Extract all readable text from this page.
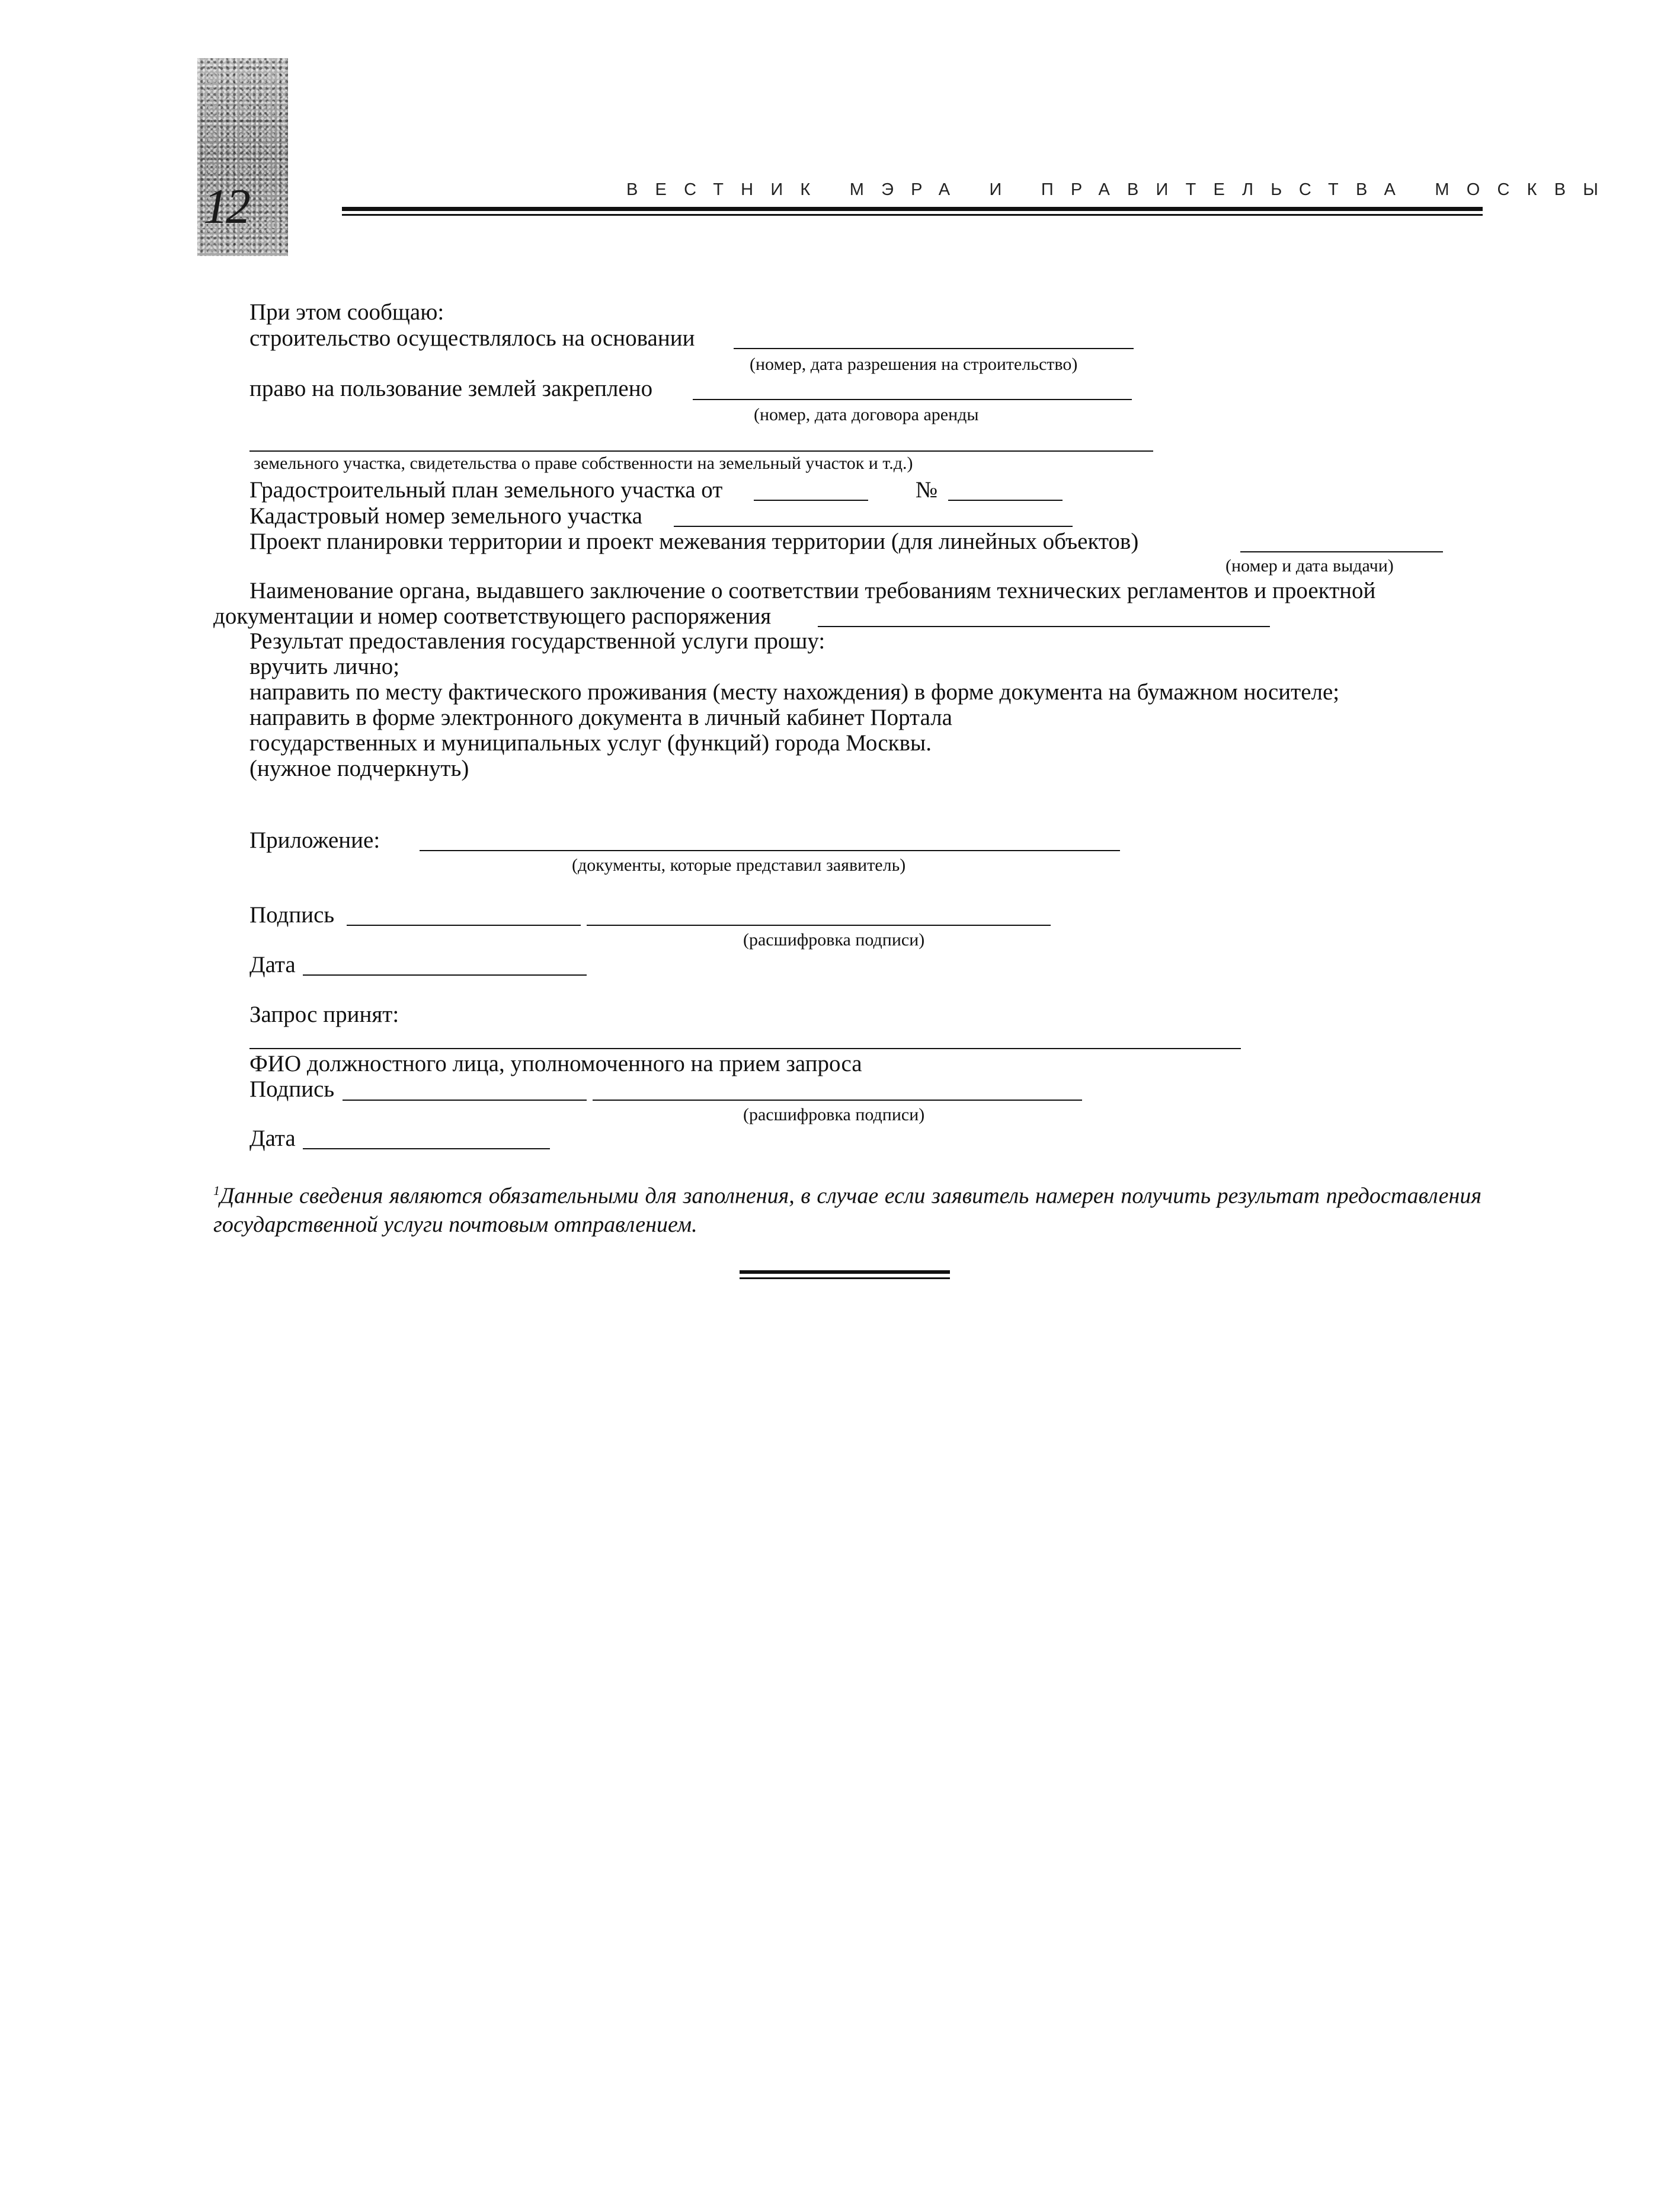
12	ВЕСТНИК МЭРА И ПРАВИТЕЛЬСТВА МОСКВЫ
При этом сообщаю:
строительство осуществлялось на основании
(номер, дата разрешения на строительство)
право на пользование землей закреплено
(номер, дата договора аренды
земельного участка, свидетельства о праве собственности на земельный участок и т.д.)
Градостроительный план земельного участка от	№
Кадастровый номер земельного участка
Проект планировки территории и проект межевания территории (для линейных объектов)
(номер и дата выдачи)
Наименование органа, выдавшего заключение о соответствии требованиям технических регламентов и проектной
документации и номер соответствующего распоряжения
Результат предоставления государственной услуги прошу:
вручить лично;
направить по месту фактического проживания (месту нахождения) в форме документа на бумажном носителе;
направить в форме электронного документа в личный кабинет Портала
государственных и муниципальных услуг (функций) города Москвы.
(нужное подчеркнуть)
Приложение:
(документы, которые представил заявитель)
Подпись
(расшифровка подписи)
Дата
Запрос принят:
ФИО должностного лица, уполномоченного на прием запроса
Подпись
(расшифровка подписи)
Дата
$^1$Данные сведения являются обязательными для заполнения, в случае если заявитель намерен получить результат предоставления государственной услуги почтовым отправлением.
